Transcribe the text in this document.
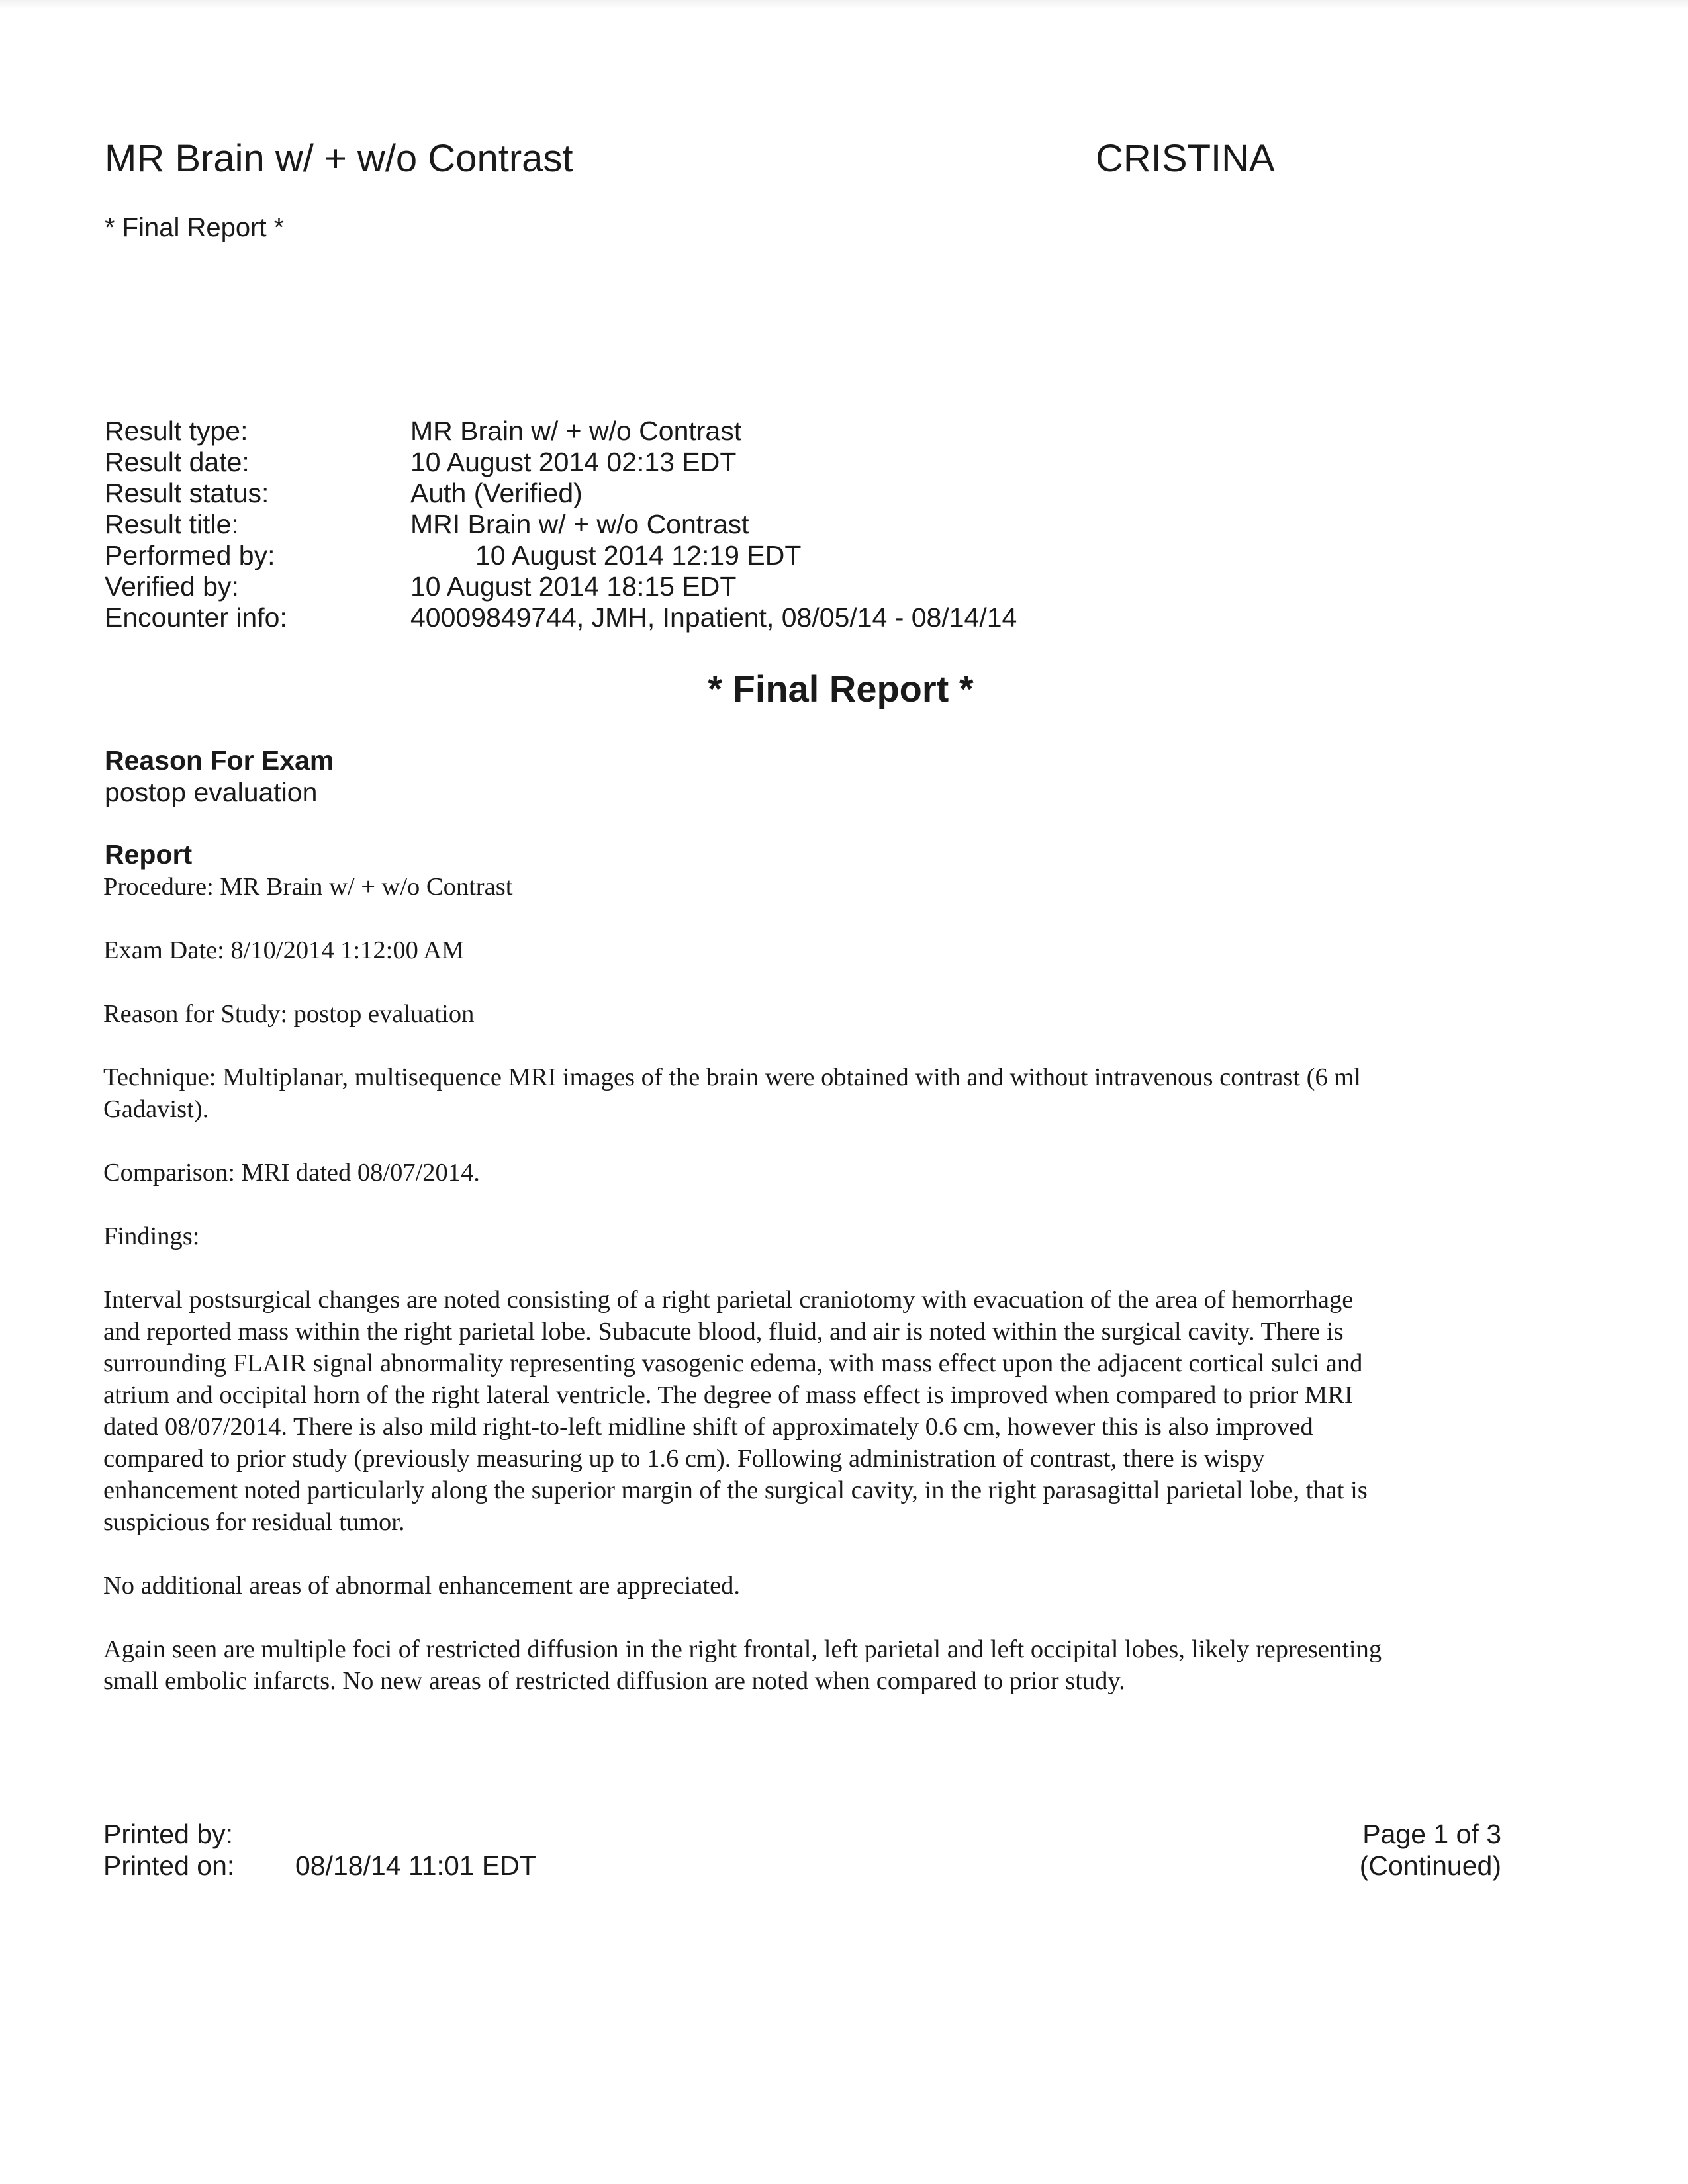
MR Brain w/ + w/o Contrast	CRISTINA
* Final Report *
Result type:	MR Brain w/ + w/o Contrast
Result date:	10 August 2014 02:13 EDT
Result status:	Auth (Verified)
Result title:	MRI Brain w/ + w/o Contrast
Performed by:	10 August 2014 12:19 EDT
Verified by:	10 August 2014 18:15 EDT
Encounter info:	40009849744, JMH, Inpatient, 08/05/14 - 08/14/14
* Final Report *
Reason For Exam
postop evaluation
Report
Procedure: MR Brain w/ + w/o Contrast
Exam Date: 8/10/2014 1:12:00 AM
Reason for Study: postop evaluation
Technique: Multiplanar, multisequence MRI images of the brain were obtained with and without intravenous contrast (6 ml
Gadavist).
Comparison: MRI dated 08/07/2014.
Findings:
Interval postsurgical changes are noted consisting of a right parietal craniotomy with evacuation of the area of hemorrhage
and reported mass within the right parietal lobe. Subacute blood, fluid, and air is noted within the surgical cavity. There is
surrounding FLAIR signal abnormality representing vasogenic edema, with mass effect upon the adjacent cortical sulci and
atrium and occipital horn of the right lateral ventricle. The degree of mass effect is improved when compared to prior MRI
dated 08/07/2014. There is also mild right-to-left midline shift of approximately 0.6 cm, however this is also improved
compared to prior study (previously measuring up to 1.6 cm). Following administration of contrast, there is wispy
enhancement noted particularly along the superior margin of the surgical cavity, in the right parasagittal parietal lobe, that is
suspicious for residual tumor.
No additional areas of abnormal enhancement are appreciated.
Again seen are multiple foci of restricted diffusion in the right frontal, left parietal and left occipital lobes, likely representing
small embolic infarcts. No new areas of restricted diffusion are noted when compared to prior study.
Printed by:
Printed on: 08/18/14 11:01 EDT
Page 1 of 3
(Continued)
